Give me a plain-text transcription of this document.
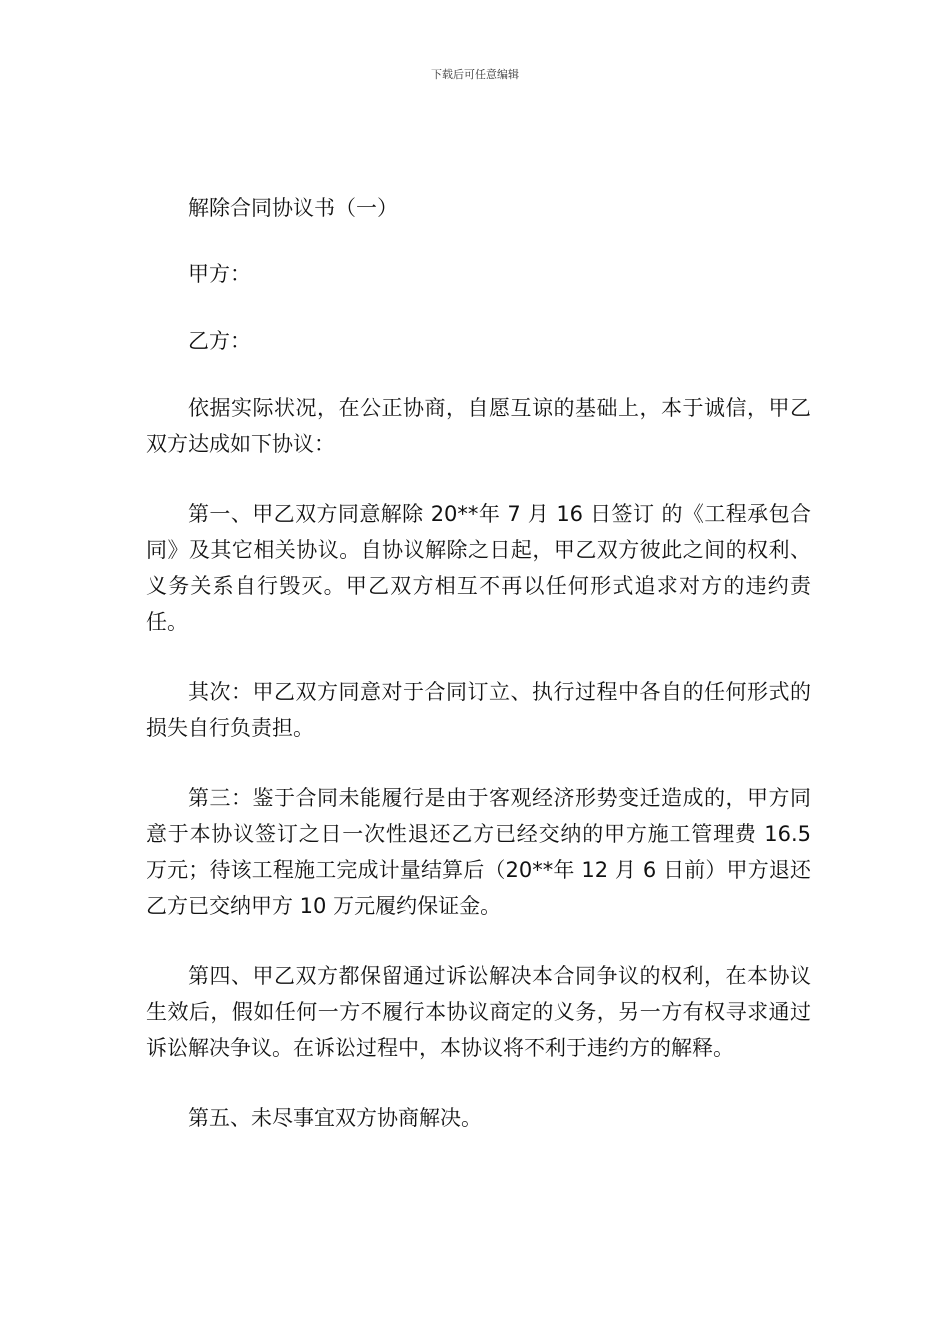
下载后可任意编辑

解除合同协议书（一）

甲方：

乙方：

依据实际状况，在公正协商，自愿互谅的基础上，本于诚信，甲乙双方达成如下协议：

第一、甲乙双方同意解除 20**年 7 月 16 日签订 的《工程承包合同》及其它相关协议。自协议解除之日起，甲乙双方彼此之间的权利、义务关系自行毁灭。甲乙双方相互不再以任何形式追求对方的违约责任。

其次：甲乙双方同意对于合同订立、执行过程中各自的任何形式的损失自行负责担。

第三：鉴于合同未能履行是由于客观经济形势变迁造成的，甲方同意于本协议签订之日一次性退还乙方已经交纳的甲方施工管理费 16.5 万元；待该工程施工完成计量结算后（20**年 12 月 6 日前）甲方退还乙方已交纳甲方 10 万元履约保证金。

第四、甲乙双方都保留通过诉讼解决本合同争议的权利，在本协议生效后，假如任何一方不履行本协议商定的义务，另一方有权寻求通过诉讼解决争议。在诉讼过程中，本协议将不利于违约方的解释。

第五、未尽事宜双方协商解决。
